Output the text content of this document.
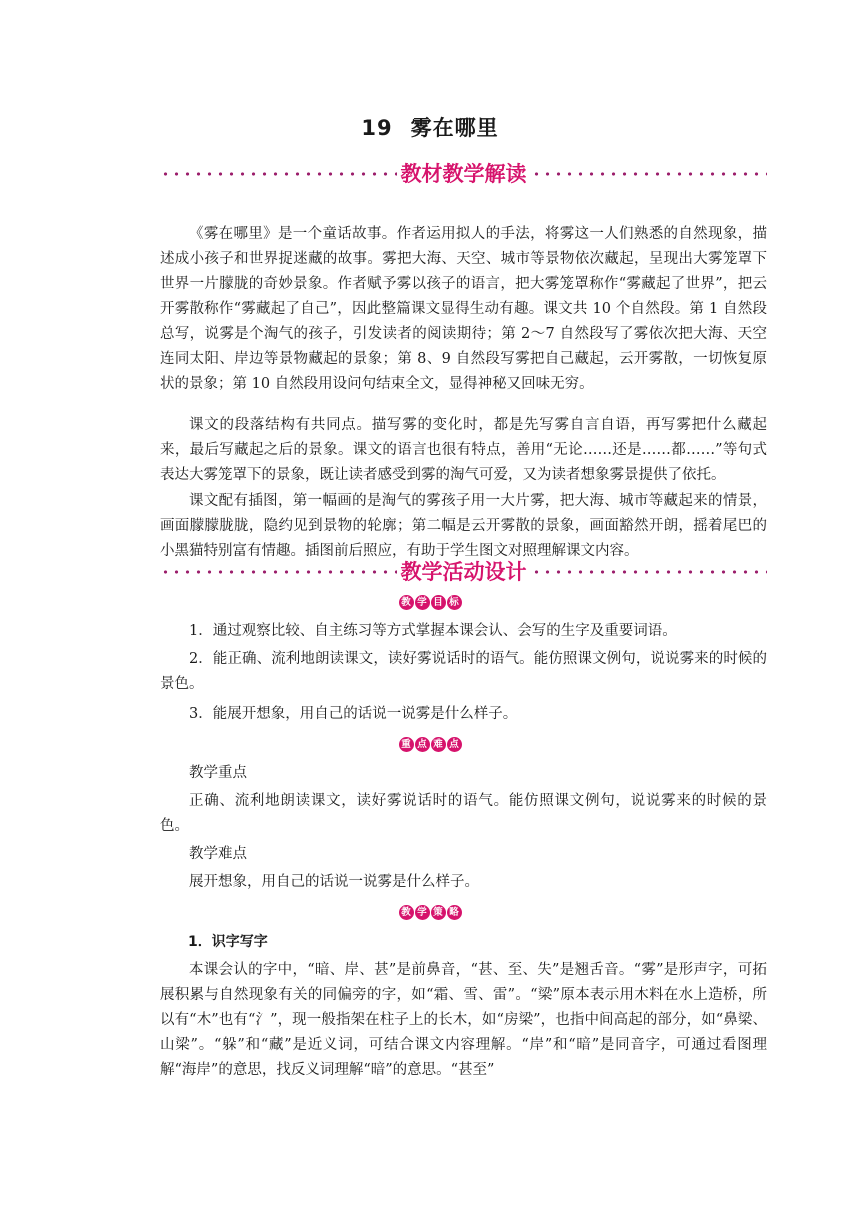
19 雾在哪里
教材教学解读

《雾在哪里》是一个童话故事。作者运用拟人的手法，将雾这一人们熟悉的自然现象，描述成小孩子和世界捉迷藏的故事。雾把大海、天空、城市等景物依次藏起，呈现出大雾笼罩下世界一片朦胧的奇妙景象。作者赋予雾以孩子的语言，把大雾笼罩称作“雾藏起了世界”，把云开雾散称作“雾藏起了自己”，因此整篇课文显得生动有趣。课文共 10 个自然段。第 1 自然段总写，说雾是个淘气的孩子，引发读者的阅读期待；第 2～7 自然段写了雾依次把大海、天空连同太阳、岸边等景物藏起的景象；第 8、9 自然段写雾把自己藏起，云开雾散，一切恢复原状的景象；第 10 自然段用设问句结束全文，显得神秘又回味无穷。

课文的段落结构有共同点。描写雾的变化时，都是先写雾自言自语，再写雾把什么藏起来，最后写藏起之后的景象。课文的语言也很有特点，善用“无论……还是……都……”等句式表达大雾笼罩下的景象，既让读者感受到雾的淘气可爱，又为读者想象雾景提供了依托。

课文配有插图，第一幅画的是淘气的雾孩子用一大片雾，把大海、城市等藏起来的情景，画面朦朦胧胧，隐约见到景物的轮廓；第二幅是云开雾散的景象，画面豁然开朗，摇着尾巴的小黑猫特别富有情趣。插图前后照应，有助于学生图文对照理解课文内容。

教学活动设计
教 学 目 标

1．通过观察比较、自主练习等方式掌握本课会认、会写的生字及重要词语。

2．能正确、流利地朗读课文，读好雾说话时的语气。能仿照课文例句，说说雾来的时候的景色。

3．能展开想象，用自己的话说一说雾是什么样子。

重 点 难 点

教学重点

正确、流利地朗读课文，读好雾说话时的语气。能仿照课文例句，说说雾来的时候的景色。

教学难点

展开想象，用自己的话说一说雾是什么样子。

教 学 策 略

1．识字写字

本课会认的字中，“暗、岸、甚”是前鼻音，“甚、至、失”是翘舌音。“雾”是形声字，可拓展积累与自然现象有关的同偏旁的字，如“霜、雪、雷”。“梁”原本表示用木料在水上造桥，所以有“木”也有“氵”，现一般指架在柱子上的长木，如“房梁”，也指中间高起的部分，如“鼻梁、山梁”。“躲”和“藏”是近义词，可结合课文内容理解。“岸”和“暗”是同音字，可通过看图理解“海岸”的意思，找反义词理解“暗”的意思。“甚至”
